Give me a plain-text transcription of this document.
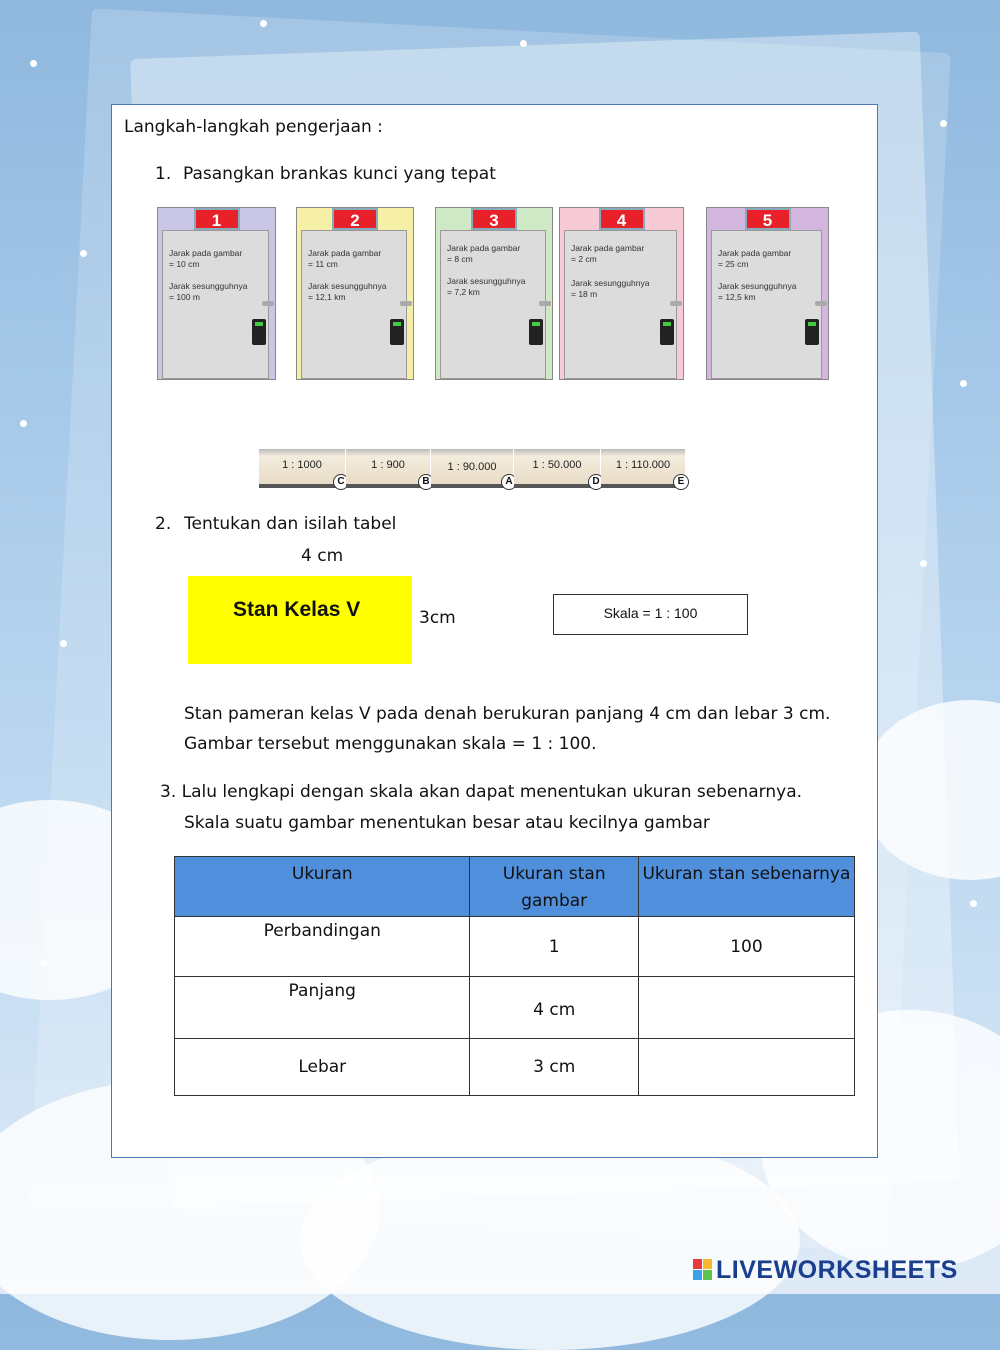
Langkah-langkah pengerjaan :
1. Pasangkan brankas kunci yang tepat
Jarak pada gambar
= 10 cm
Jarak sesungguhnya
= 100 m
1
Jarak pada gambar
= 11 cm
Jarak sesungguhnya
= 12,1 km
2
Jarak pada gambar
= 8 cm
Jarak sesungguhnya
= 7,2 km
3
Jarak pada gambar
= 2 cm
Jarak sesungguhnya
= 18 m
4
Jarak pada gambar
= 25 cm
Jarak sesungguhnya
= 12,5 km
5
1 : 1000
C
1 : 900
B
1 : 90.000
A
1 : 50.000
D
1 : 110.000
E
2. Tentukan dan isilah tabel
4 cm
Stan Kelas V	3cm	Skala = 1 : 100
Stan pameran kelas V pada denah berukuran panjang 4 cm dan lebar 3 cm.
Gambar tersebut menggunakan skala = 1 : 100.
3. Lalu lengkapi dengan skala akan dapat menentukan ukuran sebenarnya.
Skala suatu gambar menentukan besar atau kecilnya gambar
Ukuran	Ukuran stan gambar	Ukuran stan sebenarnya
Perbandingan	1	100
Panjang	4 cm	
Lebar	3 cm	
LIVEWORKSHEETS
